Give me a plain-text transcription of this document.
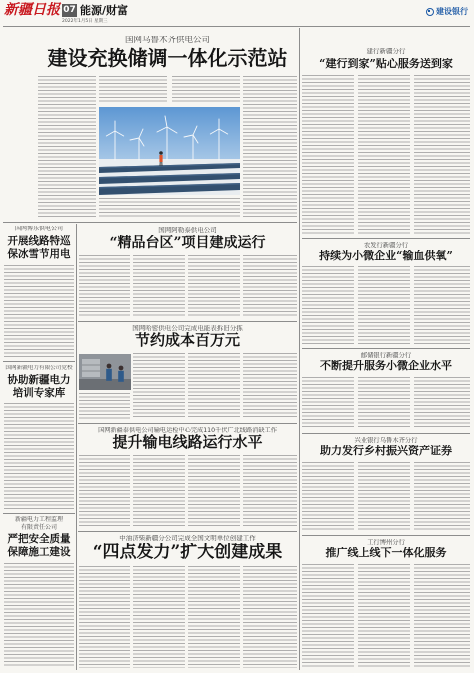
新疆日报 07 能源/财富
2022年1月5日 星期三
建设银行
国网乌鲁木齐供电公司
建设充换储调一体化示范站	建行新疆分行
“建行到家”贴心服务送到家
农发行新疆分行
持续为小微企业“输血供氧”
邮储银行新疆分行
不断提升服务小微企业水平
兴业银行乌鲁木齐分行
助力发行乡村振兴资产证券
工行博州分行
推广线上线下一体化服务
国网博乐供电公司
开展线路特巡
保冰雪节用电
国网新疆电力有限公司党校
协助新疆电力
培训专家库
新疆电力工程监理
有限责任公司
严把安全质量
保障施工建设
国网阿勒泰供电公司
“精品台区”项目建成运行
国网哈密供电公司完成电能表拆旧分拣
节约成本百万元
国网新疆泰供电公司输电运检中心完成110千伏广北线路消缺工作
提升输电线路运行水平
中油济柴新疆分公司完成全国文明单位创建工作
“四点发力”扩大创建成果
